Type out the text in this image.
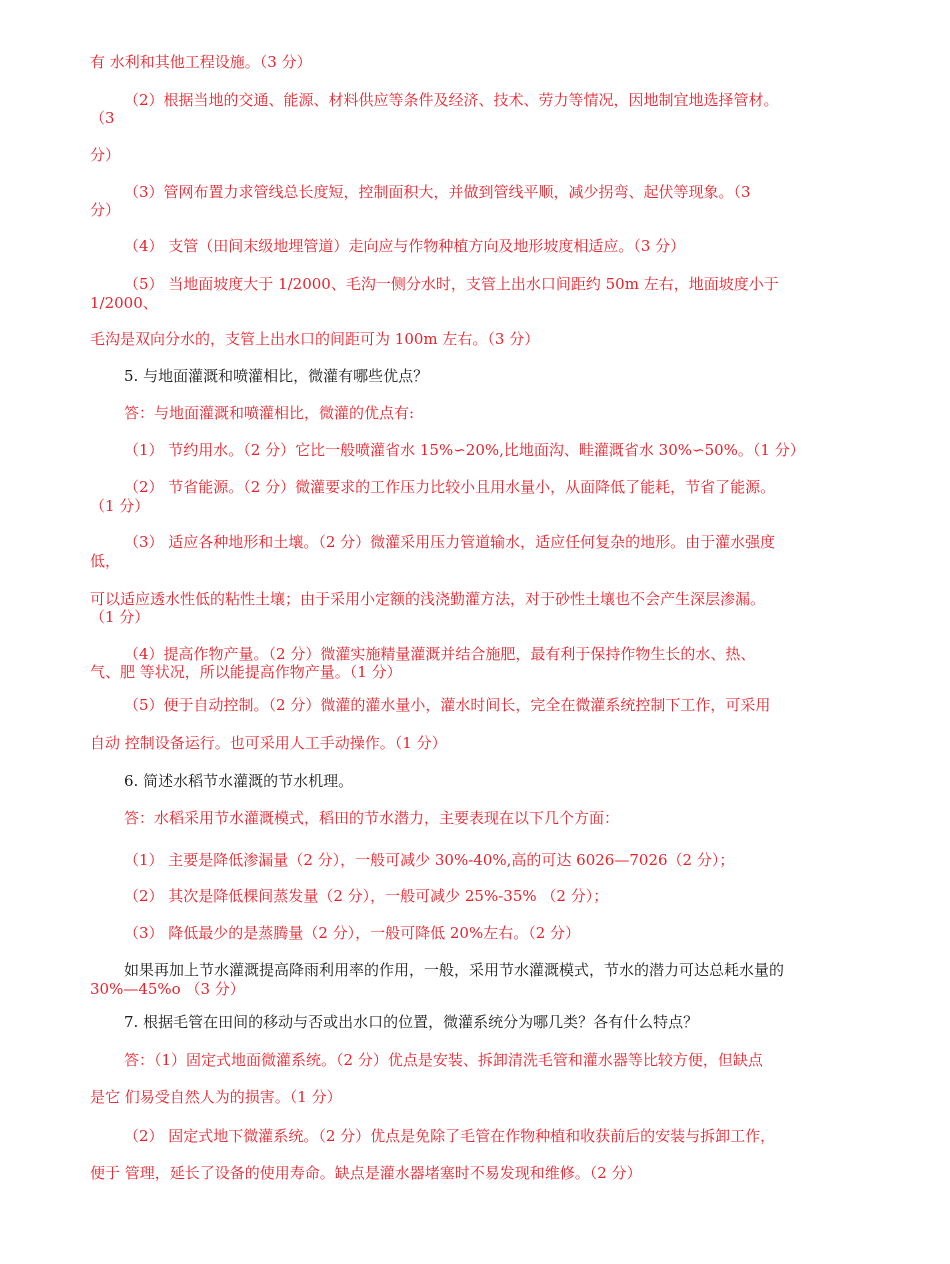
有 水利和其他工程设施。（3 分）
（2）根据当地的交通、能源、材料供应等条件及经济、技术、劳力等情况，因地制宜地选择管材。
（3
分）
（3）管网布置力求管线总长度短，控制面积大，并做到管线平顺，减少拐弯、起伏等现象。（3
分）
（4） 支管（田间末级地埋管道）走向应与作物种植方向及地形坡度相适应。（3 分）
（5） 当地面坡度大于 1/2000、毛沟一侧分水时，支管上出水口间距约 50m 左右，地面坡度小于
1/2000、
毛沟是双向分水的，支管上出水口的间距可为 100m 左右。（3 分）
5. 与地面灌溉和喷灌相比，微灌有哪些优点？
答：与地面灌溉和喷灌相比，微灌的优点有:
（1） 节约用水。（2 分）它比一般喷灌省水 15%∽20%,比地面沟、畦灌溉省水 30%∽50%。（1 分）
（2） 节省能源。（2 分）微灌要求的工作压力比较小且用水量小，从面降低了能耗，节省了能源。
（1 分）
（3） 适应各种地形和土壤。（2 分）微灌采用压力管道输水，适应任何复杂的地形。由于灌水强度
低，
可以适应透水性低的粘性土壤；由于采用小定额的浅浇勤灌方法，对于砂性土壤也不会产生深层渗漏。
（1 分）
（4）提高作物产量。（2 分）微灌实施精量灌溉并结合施肥，最有利于保持作物生长的水、热、
气、肥 等状况，所以能提高作物产量。（1 分）
（5）便于自动控制。（2 分）微灌的灌水量小，灌水时间长，完全在微灌系统控制下工作，可采用
自动 控制设备运行。也可采用人工手动操作。（1 分）
6. 简述水稻节水灌溉的节水机理。
答：水稻采用节水灌溉模式，稻田的节水潜力，主要表现在以下几个方面：
（1） 主要是降低渗漏量（2 分），一般可减少 30%-40%,高的可达 6026—7026（2 分）；
（2） 其次是降低棵间蒸发量（2 分），一般可减少 25%-35% （2 分）；
（3） 降低最少的是蒸腾量（2 分），一般可降低 20%左右。（2 分）
如果再加上节水灌溉提高降雨利用率的作用，一般，采用节水灌溉模式，节水的潜力可达总耗水量的
30%—45%o （3 分）
7. 根据毛管在田间的移动与否或出水口的位置，微灌系统分为哪几类？各有什么特点？
答：（1）固定式地面微灌系统。（2 分）优点是安装、拆卸清洗毛管和灌水器等比较方便，但缺点
是它 们易受自然人为的损害。（1 分）
（2） 固定式地下微灌系统。（2 分）优点是免除了毛管在作物种植和收获前后的安装与拆卸工作，
便于 管理，延长了设备的使用寿命。缺点是灌水器堵塞时不易发现和维修。（2 分）
